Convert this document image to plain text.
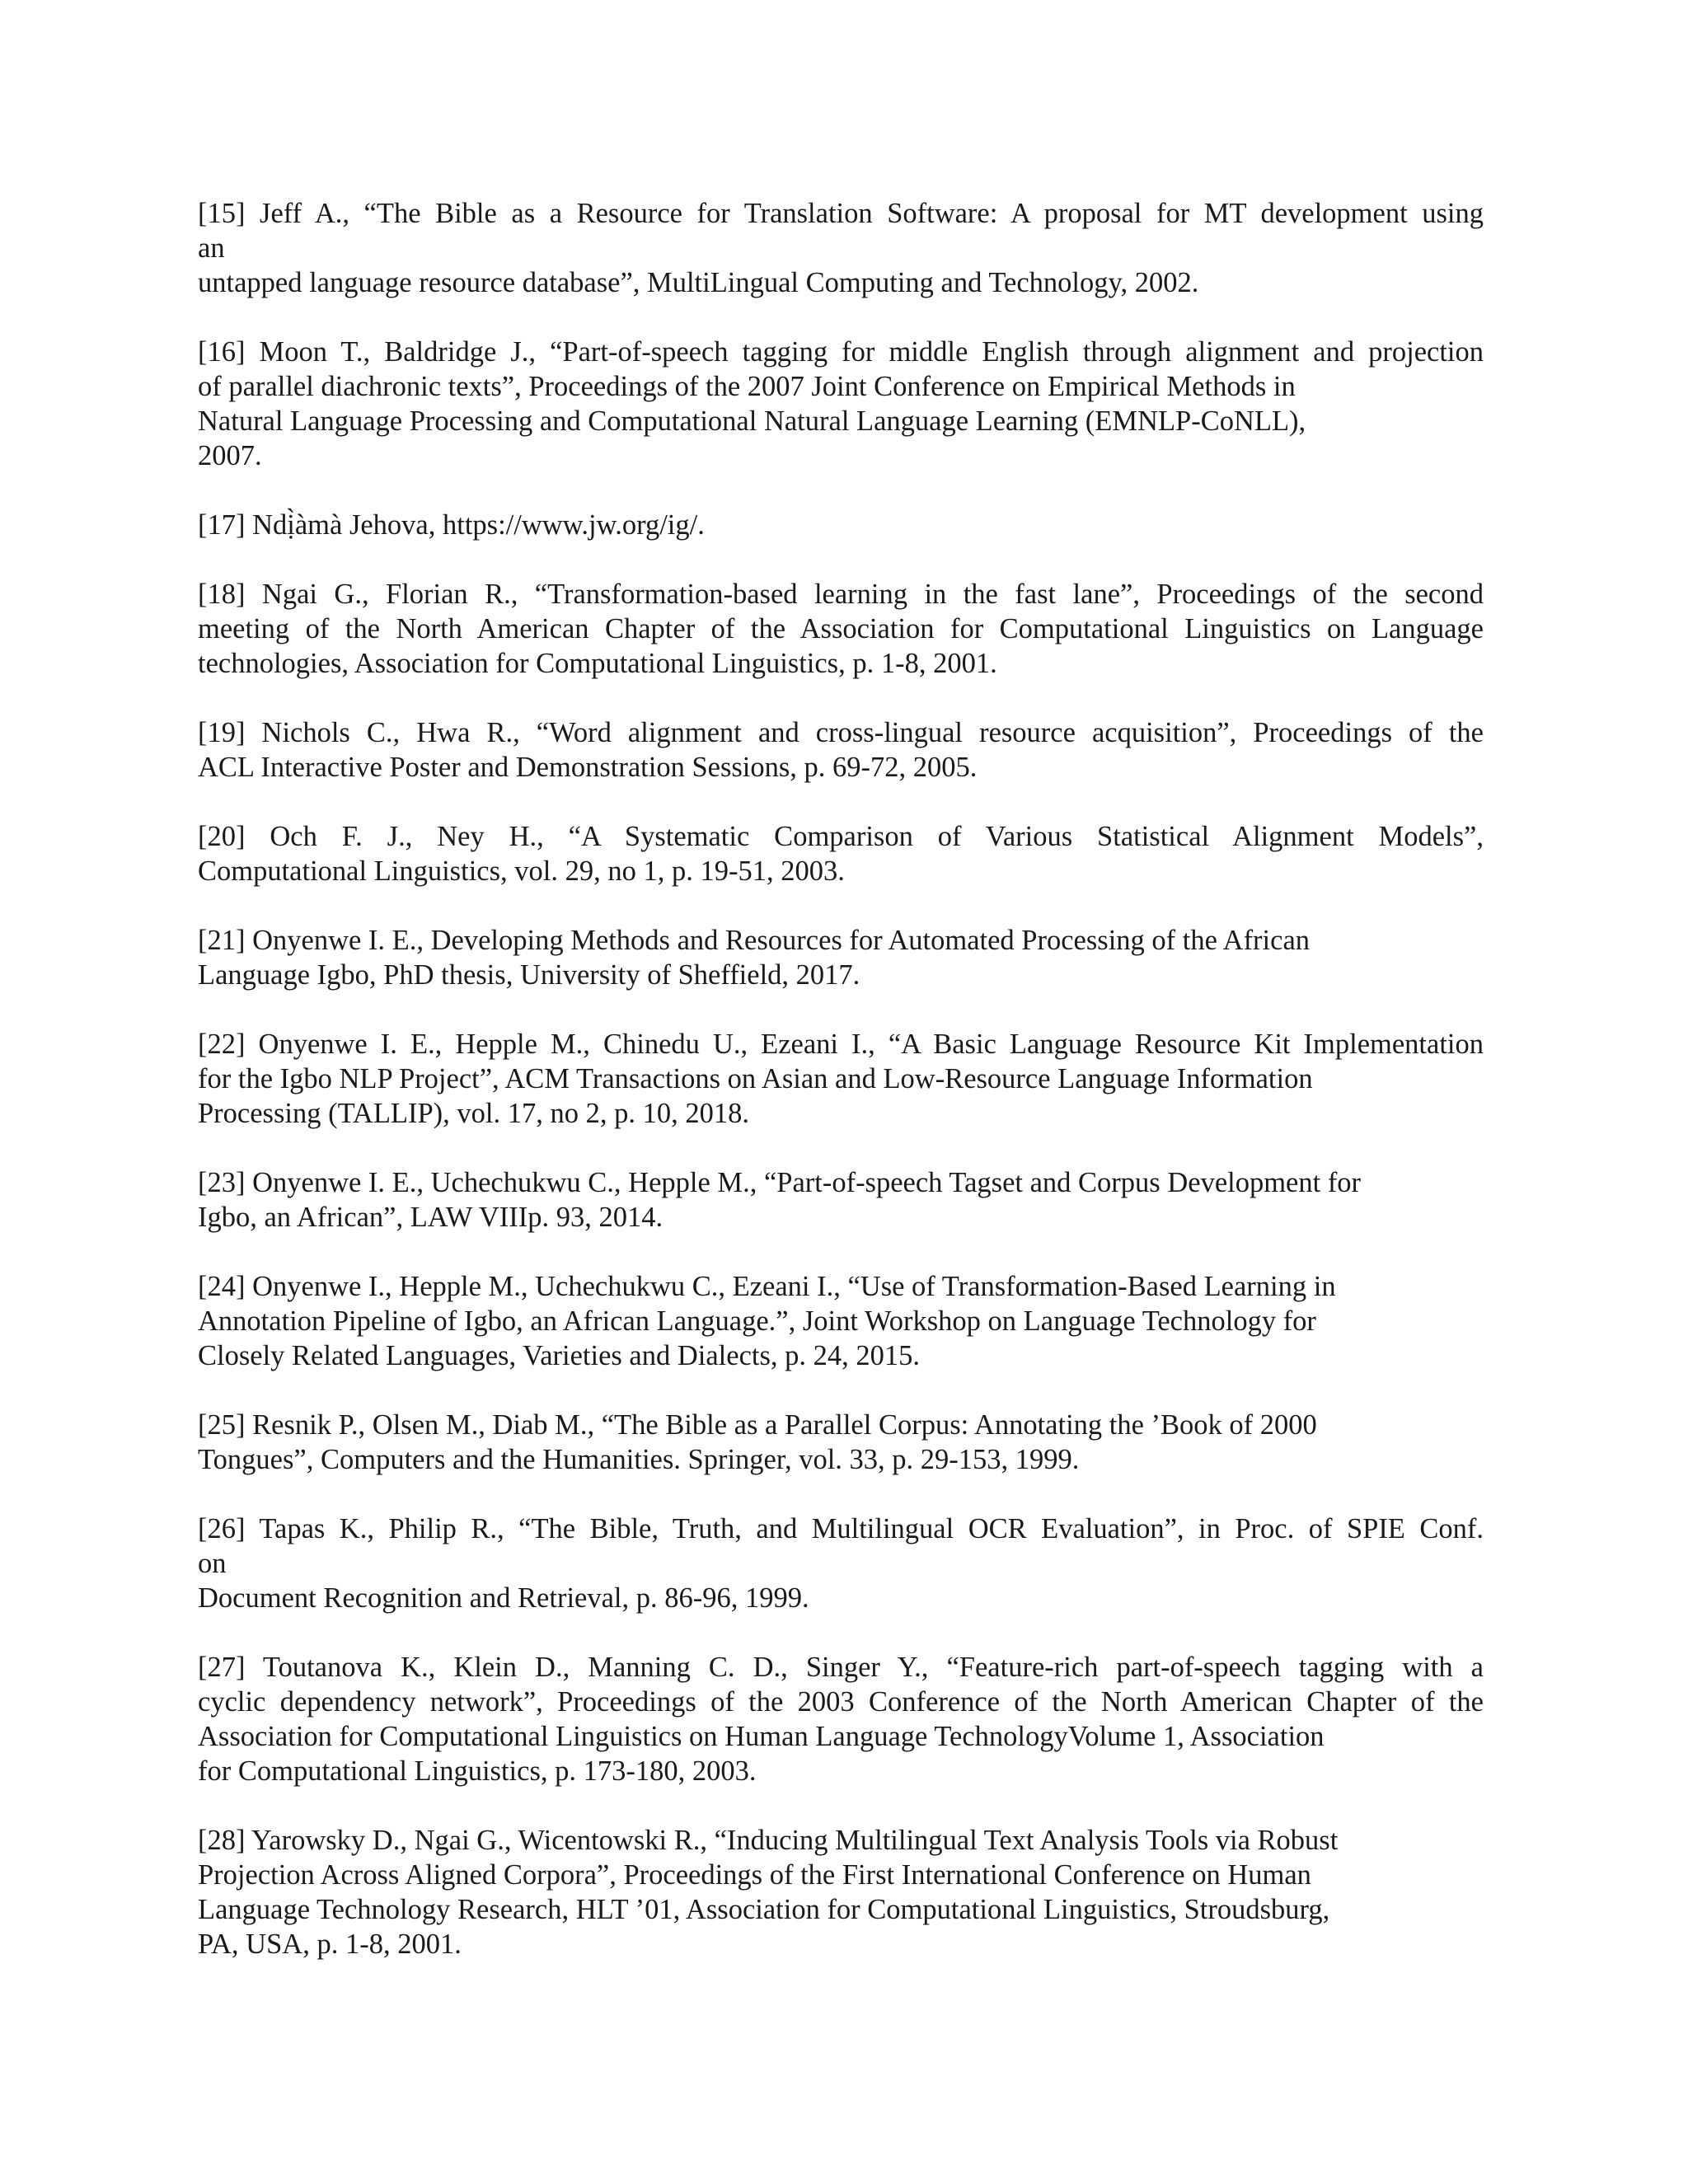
[15] Jeff A., “The Bible as a Resource for Translation Software: A proposal for MT development using
an
untapped language resource database”, MultiLingual Computing and Technology, 2002.
[16] Moon T., Baldridge J., “Part-of-speech tagging for middle English through alignment and projection
of parallel diachronic texts”, Proceedings of the 2007 Joint Conference on Empirical Methods in
Natural Language Processing and Computational Natural Language Learning (EMNLP-CoNLL),
2007.
[17] Ndị̀àmà Jehova, https://www.jw.org/ig/.
[18] Ngai G., Florian R., “Transformation-based learning in the fast lane”, Proceedings of the second
meeting of the North American Chapter of the Association for Computational Linguistics on Language
technologies, Association for Computational Linguistics, p. 1-8, 2001.
[19] Nichols C., Hwa R., “Word alignment and cross-lingual resource acquisition”, Proceedings of the
ACL Interactive Poster and Demonstration Sessions, p. 69-72, 2005.
[20] Och F. J., Ney H., “A Systematic Comparison of Various Statistical Alignment Models”,
Computational Linguistics, vol. 29, no 1, p. 19-51, 2003.
[21] Onyenwe I. E., Developing Methods and Resources for Automated Processing of the African
Language Igbo, PhD thesis, University of Sheffield, 2017.
[22] Onyenwe I. E., Hepple M., Chinedu U., Ezeani I., “A Basic Language Resource Kit Implementation
for the Igbo NLP Project”, ACM Transactions on Asian and Low-Resource Language Information
Processing (TALLIP), vol. 17, no 2, p. 10, 2018.
[23] Onyenwe I. E., Uchechukwu C., Hepple M., “Part-of-speech Tagset and Corpus Development for
Igbo, an African”, LAW VIIIp. 93, 2014.
[24] Onyenwe I., Hepple M., Uchechukwu C., Ezeani I., “Use of Transformation-Based Learning in
Annotation Pipeline of Igbo, an African Language.”, Joint Workshop on Language Technology for
Closely Related Languages, Varieties and Dialects, p. 24, 2015.
[25] Resnik P., Olsen M., Diab M., “The Bible as a Parallel Corpus: Annotating the ’Book of 2000
Tongues”, Computers and the Humanities. Springer, vol. 33, p. 29-153, 1999.
[26] Tapas K., Philip R., “The Bible, Truth, and Multilingual OCR Evaluation”, in Proc. of SPIE Conf.
on
Document Recognition and Retrieval, p. 86-96, 1999.
[27] Toutanova K., Klein D., Manning C. D., Singer Y., “Feature-rich part-of-speech tagging with a
cyclic dependency network”, Proceedings of the 2003 Conference of the North American Chapter of the
Association for Computational Linguistics on Human Language TechnologyVolume 1, Association
for Computational Linguistics, p. 173-180, 2003.
[28] Yarowsky D., Ngai G., Wicentowski R., “Inducing Multilingual Text Analysis Tools via Robust
Projection Across Aligned Corpora”, Proceedings of the First International Conference on Human
Language Technology Research, HLT ’01, Association for Computational Linguistics, Stroudsburg,
PA, USA, p. 1-8, 2001.
